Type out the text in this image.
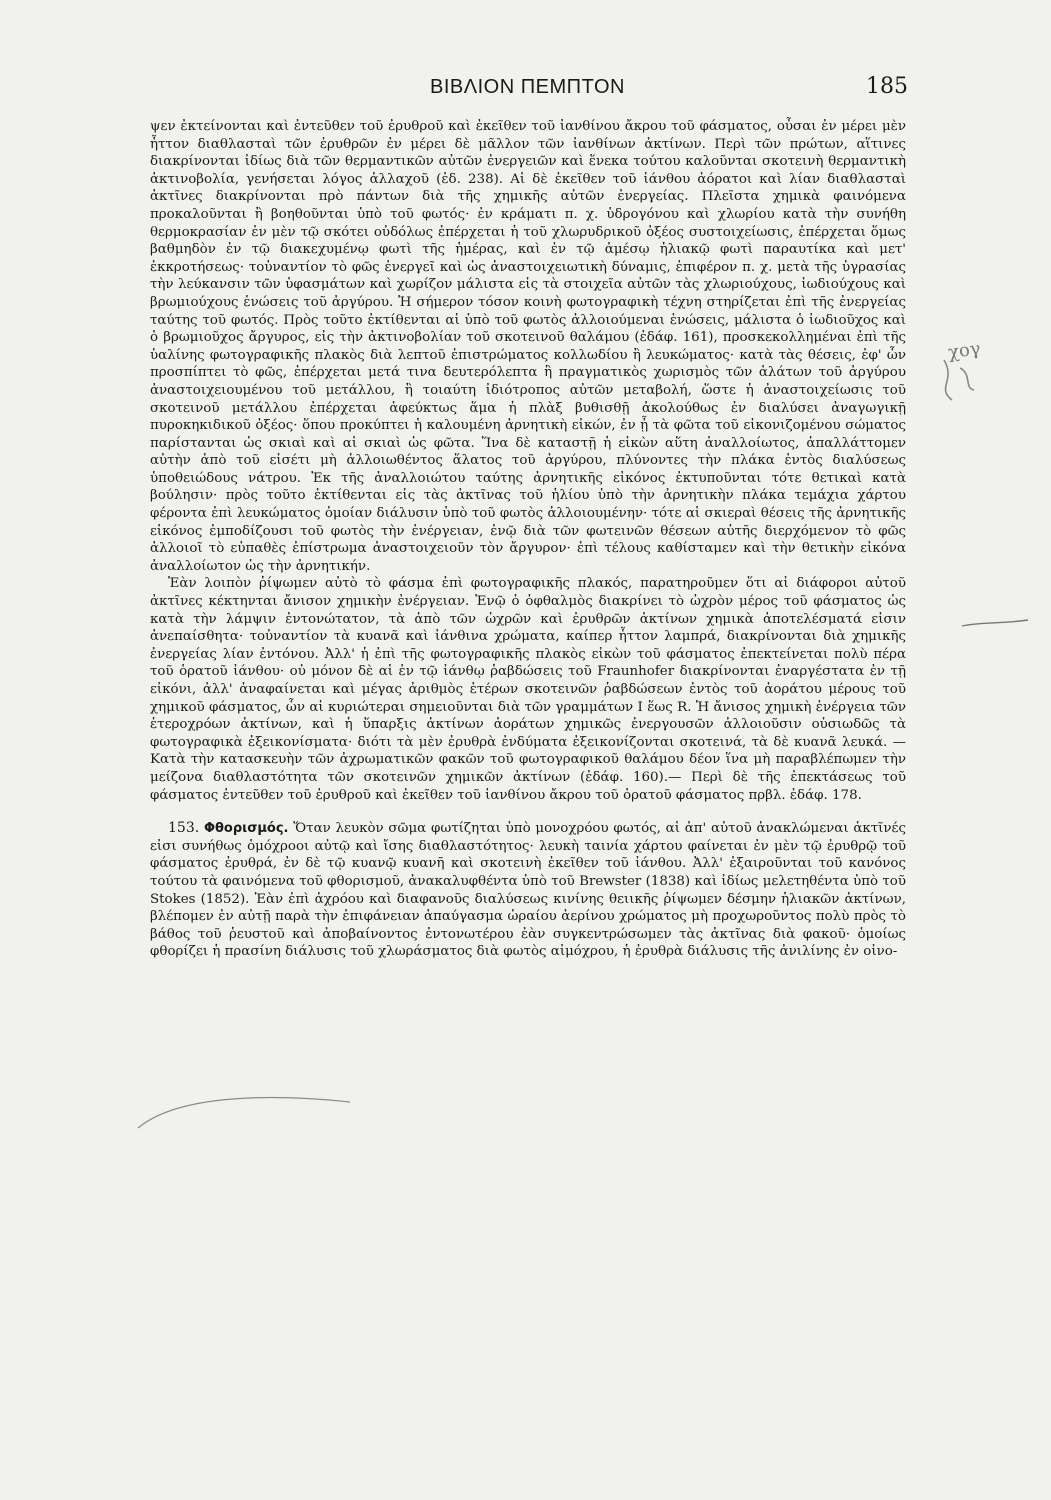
ΒΙΒΛΙΟΝ ΠΕΜΠΤΟΝ	185

ψεν ἐκτείνονται καὶ ἐντεῦθεν τοῦ ἐρυθροῦ καὶ ἐκεῖθεν τοῦ ἰανθίνου ἄκρου τοῦ φάσματος, οὖσαι ἐν μέρει μὲν ἧττον διαθλασταὶ τῶν ἐρυθρῶν ἐν μέρει δὲ μᾶλλον τῶν ἰανθίνων ἀκτίνων. Περὶ τῶν πρώτων, αἵτινες διακρίνονται ἰδίως διὰ τῶν θερμαντικῶν αὐτῶν ἐνεργειῶν καὶ ἕνεκα τούτου καλοῦνται σκοτεινὴ θερμαντικὴ ἀκτινοβολία, γενήσεται λόγος ἀλλαχοῦ (ἐδ. 238). Αἱ δὲ ἐκεῖθεν τοῦ ἰάνθου ἀόρατοι καὶ λίαν διαθλασταὶ ἀκτῖνες διακρίνονται πρὸ πάντων διὰ τῆς χημικῆς αὐτῶν ἐνεργείας. Πλεῖστα χημικὰ φαινόμενα προκαλοῦνται ἢ βοηθοῦνται ὑπὸ τοῦ φωτός· ἐν κράματι π. χ. ὑδρογόνου καὶ χλωρίου κατὰ τὴν συνήθη θερμοκρασίαν ἐν μὲν τῷ σκότει οὐδόλως ἐπέρχεται ἡ τοῦ χλωρυδρικοῦ ὀξέος συστοιχείωσις, ἐπέρχεται ὅμως βαθμηδὸν ἐν τῷ διακεχυμένῳ φωτὶ τῆς ἡμέρας, καὶ ἐν τῷ ἀμέσῳ ἡλιακῷ φωτὶ παραυτίκα καὶ μετ' ἐκκροτήσεως· τοὐναντίον τὸ φῶς ἐνεργεῖ καὶ ὡς ἀναστοιχειωτικὴ δύναμις, ἐπιφέρον π. χ. μετὰ τῆς ὑγρασίας τὴν λεύκανσιν τῶν ὑφασμάτων καὶ χωρίζον μάλιστα εἰς τὰ στοιχεῖα αὐτῶν τὰς χλωριούχους, ἰωδιούχους καὶ βρωμιούχους ἑνώσεις τοῦ ἀργύρου. Ἡ σήμερον τόσον κοινὴ φωτογραφικὴ τέχνη στηρίζεται ἐπὶ τῆς ἐνεργείας ταύτης τοῦ φωτός. Πρὸς τοῦτο ἐκτίθενται αἱ ὑπὸ τοῦ φωτὸς ἀλλοιούμεναι ἑνώσεις, μάλιστα ὁ ἰωδιοῦχος καὶ ὁ βρωμιοῦχος ἄργυρος, εἰς τὴν ἀκτινοβολίαν τοῦ σκοτεινοῦ θαλάμου (ἐδάφ. 161), προσκεκολλημέναι ἐπὶ τῆς ὑαλίνης φωτογραφικῆς πλακὸς διὰ λεπτοῦ ἐπιστρώματος κολλωδίου ἢ λευκώματος· κατὰ τὰς θέσεις, ἐφ' ὧν προσπίπτει τὸ φῶς, ἐπέρχεται μετά τινα δευτερόλεπτα ἢ πραγματικὸς χωρισμὸς τῶν ἁλάτων τοῦ ἀργύρου ἀναστοιχειουμένου τοῦ μετάλλου, ἢ τοιαύτη ἰδιότροπος αὐτῶν μεταβολή, ὥστε ἡ ἀναστοιχείωσις τοῦ σκοτεινοῦ μετάλλου ἐπέρχεται ἀφεύκτως ἅμα ἡ πλὰξ βυθισθῇ ἀκολούθως ἐν διαλύσει ἀναγωγικῇ πυροκηκιδικοῦ ὀξέος· ὅπου προκύπτει ἡ καλουμένη ἀρνητικὴ εἰκών, ἐν ᾗ τὰ φῶτα τοῦ εἰκονιζομένου σώματος παρίστανται ὡς σκιαὶ καὶ αἱ σκιαὶ ὡς φῶτα. Ἵνα δὲ καταστῇ ἡ εἰκὼν αὕτη ἀναλλοίωτος, ἀπαλλάττομεν αὐτὴν ἀπὸ τοῦ εἰσέτι μὴ ἀλλοιωθέντος ἅλατος τοῦ ἀργύρου, πλύνοντες τὴν πλάκα ἐντὸς διαλύσεως ὑποθειώδους νάτρου. Ἐκ τῆς ἀναλλοιώτου ταύτης ἀρνητικῆς εἰκόνος ἐκτυποῦνται τότε θετικαὶ κατὰ βούλησιν· πρὸς τοῦτο ἐκτίθενται εἰς τὰς ἀκτῖνας τοῦ ἡλίου ὑπὸ τὴν ἀρνητικὴν πλάκα τεμάχια χάρτου φέροντα ἐπὶ λευκώματος ὁμοίαν διάλυσιν ὑπὸ τοῦ φωτὸς ἀλλοιουμένην· τότε αἱ σκιεραὶ θέσεις τῆς ἀρνητικῆς εἰκόνος ἐμποδίζουσι τοῦ φωτὸς τὴν ἐνέργειαν, ἐνῷ διὰ τῶν φωτεινῶν θέσεων αὐτῆς διερχόμενον τὸ φῶς ἀλλοιοῖ τὸ εὐπαθὲς ἐπίστρωμα ἀναστοιχειοῦν τὸν ἄργυρον· ἐπὶ τέλους καθίσταμεν καὶ τὴν θετικὴν εἰκόνα ἀναλλοίωτον ὡς τὴν ἀρνητικήν.

Ἐὰν λοιπὸν ῥίψωμεν αὐτὸ τὸ φάσμα ἐπὶ φωτογραφικῆς πλακός, παρατηροῦμεν ὅτι αἱ διάφοροι αὐτοῦ ἀκτῖνες κέκτηνται ἄνισον χημικὴν ἐνέργειαν. Ἐνῷ ὁ ὀφθαλμὸς διακρίνει τὸ ὠχρὸν μέρος τοῦ φάσματος ὡς κατὰ τὴν λάμψιν ἐντονώτατον, τὰ ἀπὸ τῶν ὠχρῶν καὶ ἐρυθρῶν ἀκτίνων χημικὰ ἀποτελέσματά εἰσιν ἀνεπαίσθητα· τοὐναντίον τὰ κυανᾶ καὶ ἰάνθινα χρώματα, καίπερ ἧττον λαμπρά, διακρίνονται διὰ χημικῆς ἐνεργείας λίαν ἐντόνου. Ἀλλ' ἡ ἐπὶ τῆς φωτογραφικῆς πλακὸς εἰκὼν τοῦ φάσματος ἐπεκτείνεται πολὺ πέρα τοῦ ὁρατοῦ ἰάνθου· οὐ μόνον δὲ αἱ ἐν τῷ ἰάνθῳ ῥαβδώσεις τοῦ Fraunhofer διακρίνονται ἐναργέστατα ἐν τῇ εἰκόνι, ἀλλ' ἀναφαίνεται καὶ μέγας ἀριθμὸς ἑτέρων σκοτεινῶν ῥαβδώσεων ἐντὸς τοῦ ἀοράτου μέρους τοῦ χημικοῦ φάσματος, ὧν αἱ κυριώτεραι σημειοῦνται διὰ τῶν γραμμάτων I ἕως R. Ἡ ἄνισος χημικὴ ἐνέργεια τῶν ἑτεροχρόων ἀκτίνων, καὶ ἡ ὕπαρξις ἀκτίνων ἀοράτων χημικῶς ἐνεργουσῶν ἀλλοιοῦσιν οὐσιωδῶς τὰ φωτογραφικὰ ἐξεικονίσματα· διότι τὰ μὲν ἐρυθρὰ ἐνδύματα ἐξεικονίζονται σκοτεινά, τὰ δὲ κυανᾶ λευκά. — Κατὰ τὴν κατασκευὴν τῶν ἀχρωματικῶν φακῶν τοῦ φωτογραφικοῦ θαλάμου δέον ἵνα μὴ παραβλέπωμεν τὴν μείζονα διαθλαστότητα τῶν σκοτεινῶν χημικῶν ἀκτίνων (ἐδάφ. 160).— Περὶ δὲ τῆς ἐπεκτάσεως τοῦ φάσματος ἐντεῦθεν τοῦ ἐρυθροῦ καὶ ἐκεῖθεν τοῦ ἰανθίνου ἄκρου τοῦ ὁρατοῦ φάσματος πρβλ. ἐδάφ. 178.

153. Φθορισμός. Ὅταν λευκὸν σῶμα φωτίζηται ὑπὸ μονοχρόου φωτός, αἱ ἀπ' αὐτοῦ ἀνακλώμεναι ἀκτῖνές εἰσι συνήθως ὁμόχροοι αὐτῷ καὶ ἴσης διαθλαστότητος· λευκὴ ταινία χάρτου φαίνεται ἐν μὲν τῷ ἐρυθρῷ τοῦ φάσματος ἐρυθρά, ἐν δὲ τῷ κυανῷ κυανῆ καὶ σκοτεινὴ ἐκεῖθεν τοῦ ἰάνθου. Ἀλλ' ἐξαιροῦνται τοῦ κανόνος τούτου τὰ φαινόμενα τοῦ φθορισμοῦ, ἀνακαλυφθέντα ὑπὸ τοῦ Brewster (1838) καὶ ἰδίως μελετηθέντα ὑπὸ τοῦ Stokes (1852). Ἐὰν ἐπὶ ἀχρόου καὶ διαφανοῦς διαλύσεως κινίνης θειικῆς ῥίψωμεν δέσμην ἡλιακῶν ἀκτίνων, βλέπομεν ἐν αὐτῇ παρὰ τὴν ἐπιφάνειαν ἀπαύγασμα ὡραίου ἀερίνου χρώματος μὴ προχωροῦντος πολὺ πρὸς τὸ βάθος τοῦ ῥευστοῦ καὶ ἀποβαίνοντος ἐντονωτέρου ἐὰν συγκεντρώσωμεν τὰς ἀκτῖνας διὰ φακοῦ· ὁμοίως φθορίζει ἡ πρασίνη διάλυσις τοῦ χλωράσματος διὰ φωτὸς αἱμόχρου, ἡ ἐρυθρὰ διάλυσις τῆς ἀνιλίνης ἐν οἰνο-

χογ
